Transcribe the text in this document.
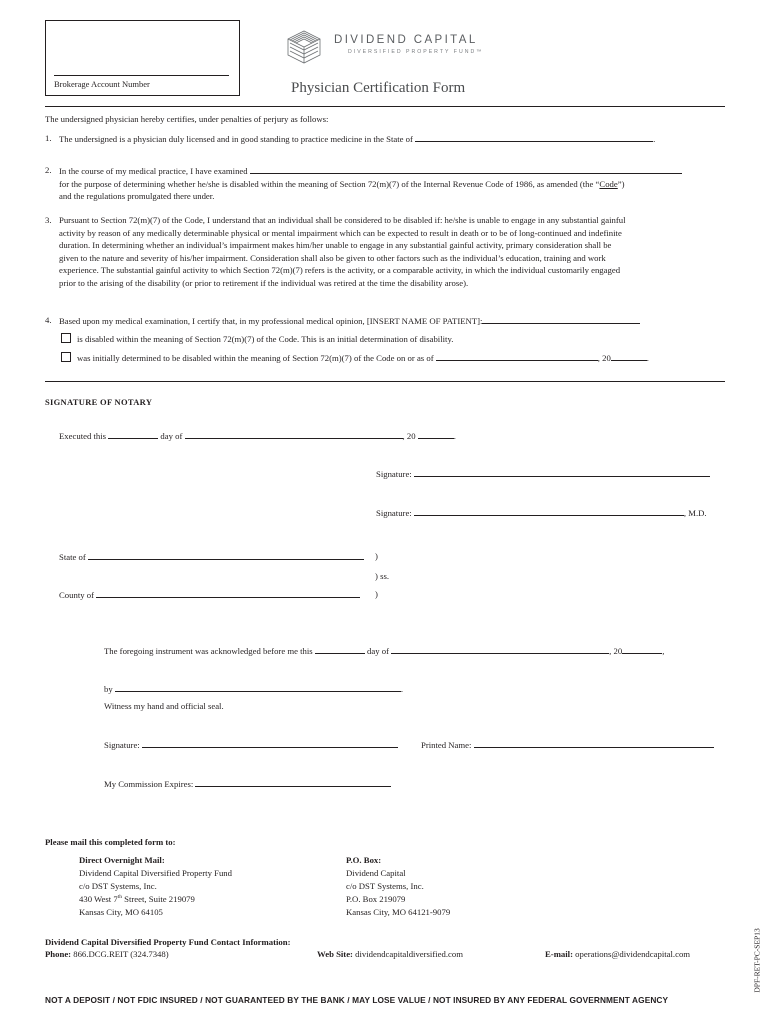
Brokerage Account Number
DIVIDEND CAPITAL
DIVERSIFIED PROPERTY FUND™
Physician Certification Form
The undersigned physician hereby certifies, under penalties of perjury as follows:
1. The undersigned is a physician duly licensed and in good standing to practice medicine in the State of	.
2. In the course of my medical practice, I have examined
for the purpose of determining whether he/she is disabled within the meaning of Section 72(m)(7) of the Internal Revenue Code of 1986, as amended (the “Code”)
and the regulations promulgated there under.
3. Pursuant to Section 72(m)(7) of the Code, I understand that an individual shall be considered to be disabled if: he/she is unable to engage in any substantial gainful
activity by reason of any medically determinable physical or mental impairment which can be expected to result in death or to be of long-continued and indefinite
duration. In determining whether an individual’s impairment makes him/her unable to engage in any substantial gainful activity, primary consideration shall be
given to the nature and severity of his/her impairment. Consideration shall also be given to other factors such as the individual’s education, training and work
experience. The substantial gainful activity to which Section 72(m)(7) refers is the activity, or a comparable activity, in which the individual customarily engaged
prior to the arising of the disability (or prior to retirement if the individual was retired at the time the disability arose).
4. Based upon my medical examination, I certify that, in my professional medical opinion, [INSERT NAME OF PATIENT]:
is disabled within the meaning of Section 72(m)(7) of the Code. This is an initial determination of disability.
was initially determined to be disabled within the meaning of Section 72(m)(7) of the Code on or as of	, 20	.
SIGNATURE OF NOTARY
Executed this	day of	, 20	.
Signature:
Signature:	, M.D.
State of	)
) ss.
County of	)
The foregoing instrument was acknowledged before me this	day of	, 20	,
by	.
Witness my hand and official seal.
Signature:	Printed Name:
My Commission Expires:
Please mail this completed form to:
Direct Overnight Mail:
Dividend Capital Diversified Property Fund
c/o DST Systems, Inc.
430 West 7th Street, Suite 219079
Kansas City, MO 64105
P.O. Box:
Dividend Capital
c/o DST Systems, Inc.
P.O. Box 219079
Kansas City, MO 64121-9079
Dividend Capital Diversified Property Fund Contact Information:
Phone: 866.DCG.REIT (324.7348)	Web Site: dividendcapitaldiversified.com	E-mail: operations@dividendcapital.com	DPF-RET-PC-SEP13
NOT A DEPOSIT / NOT FDIC INSURED / NOT GUARANTEED BY THE BANK / MAY LOSE VALUE / NOT INSURED BY ANY FEDERAL GOVERNMENT AGENCY
